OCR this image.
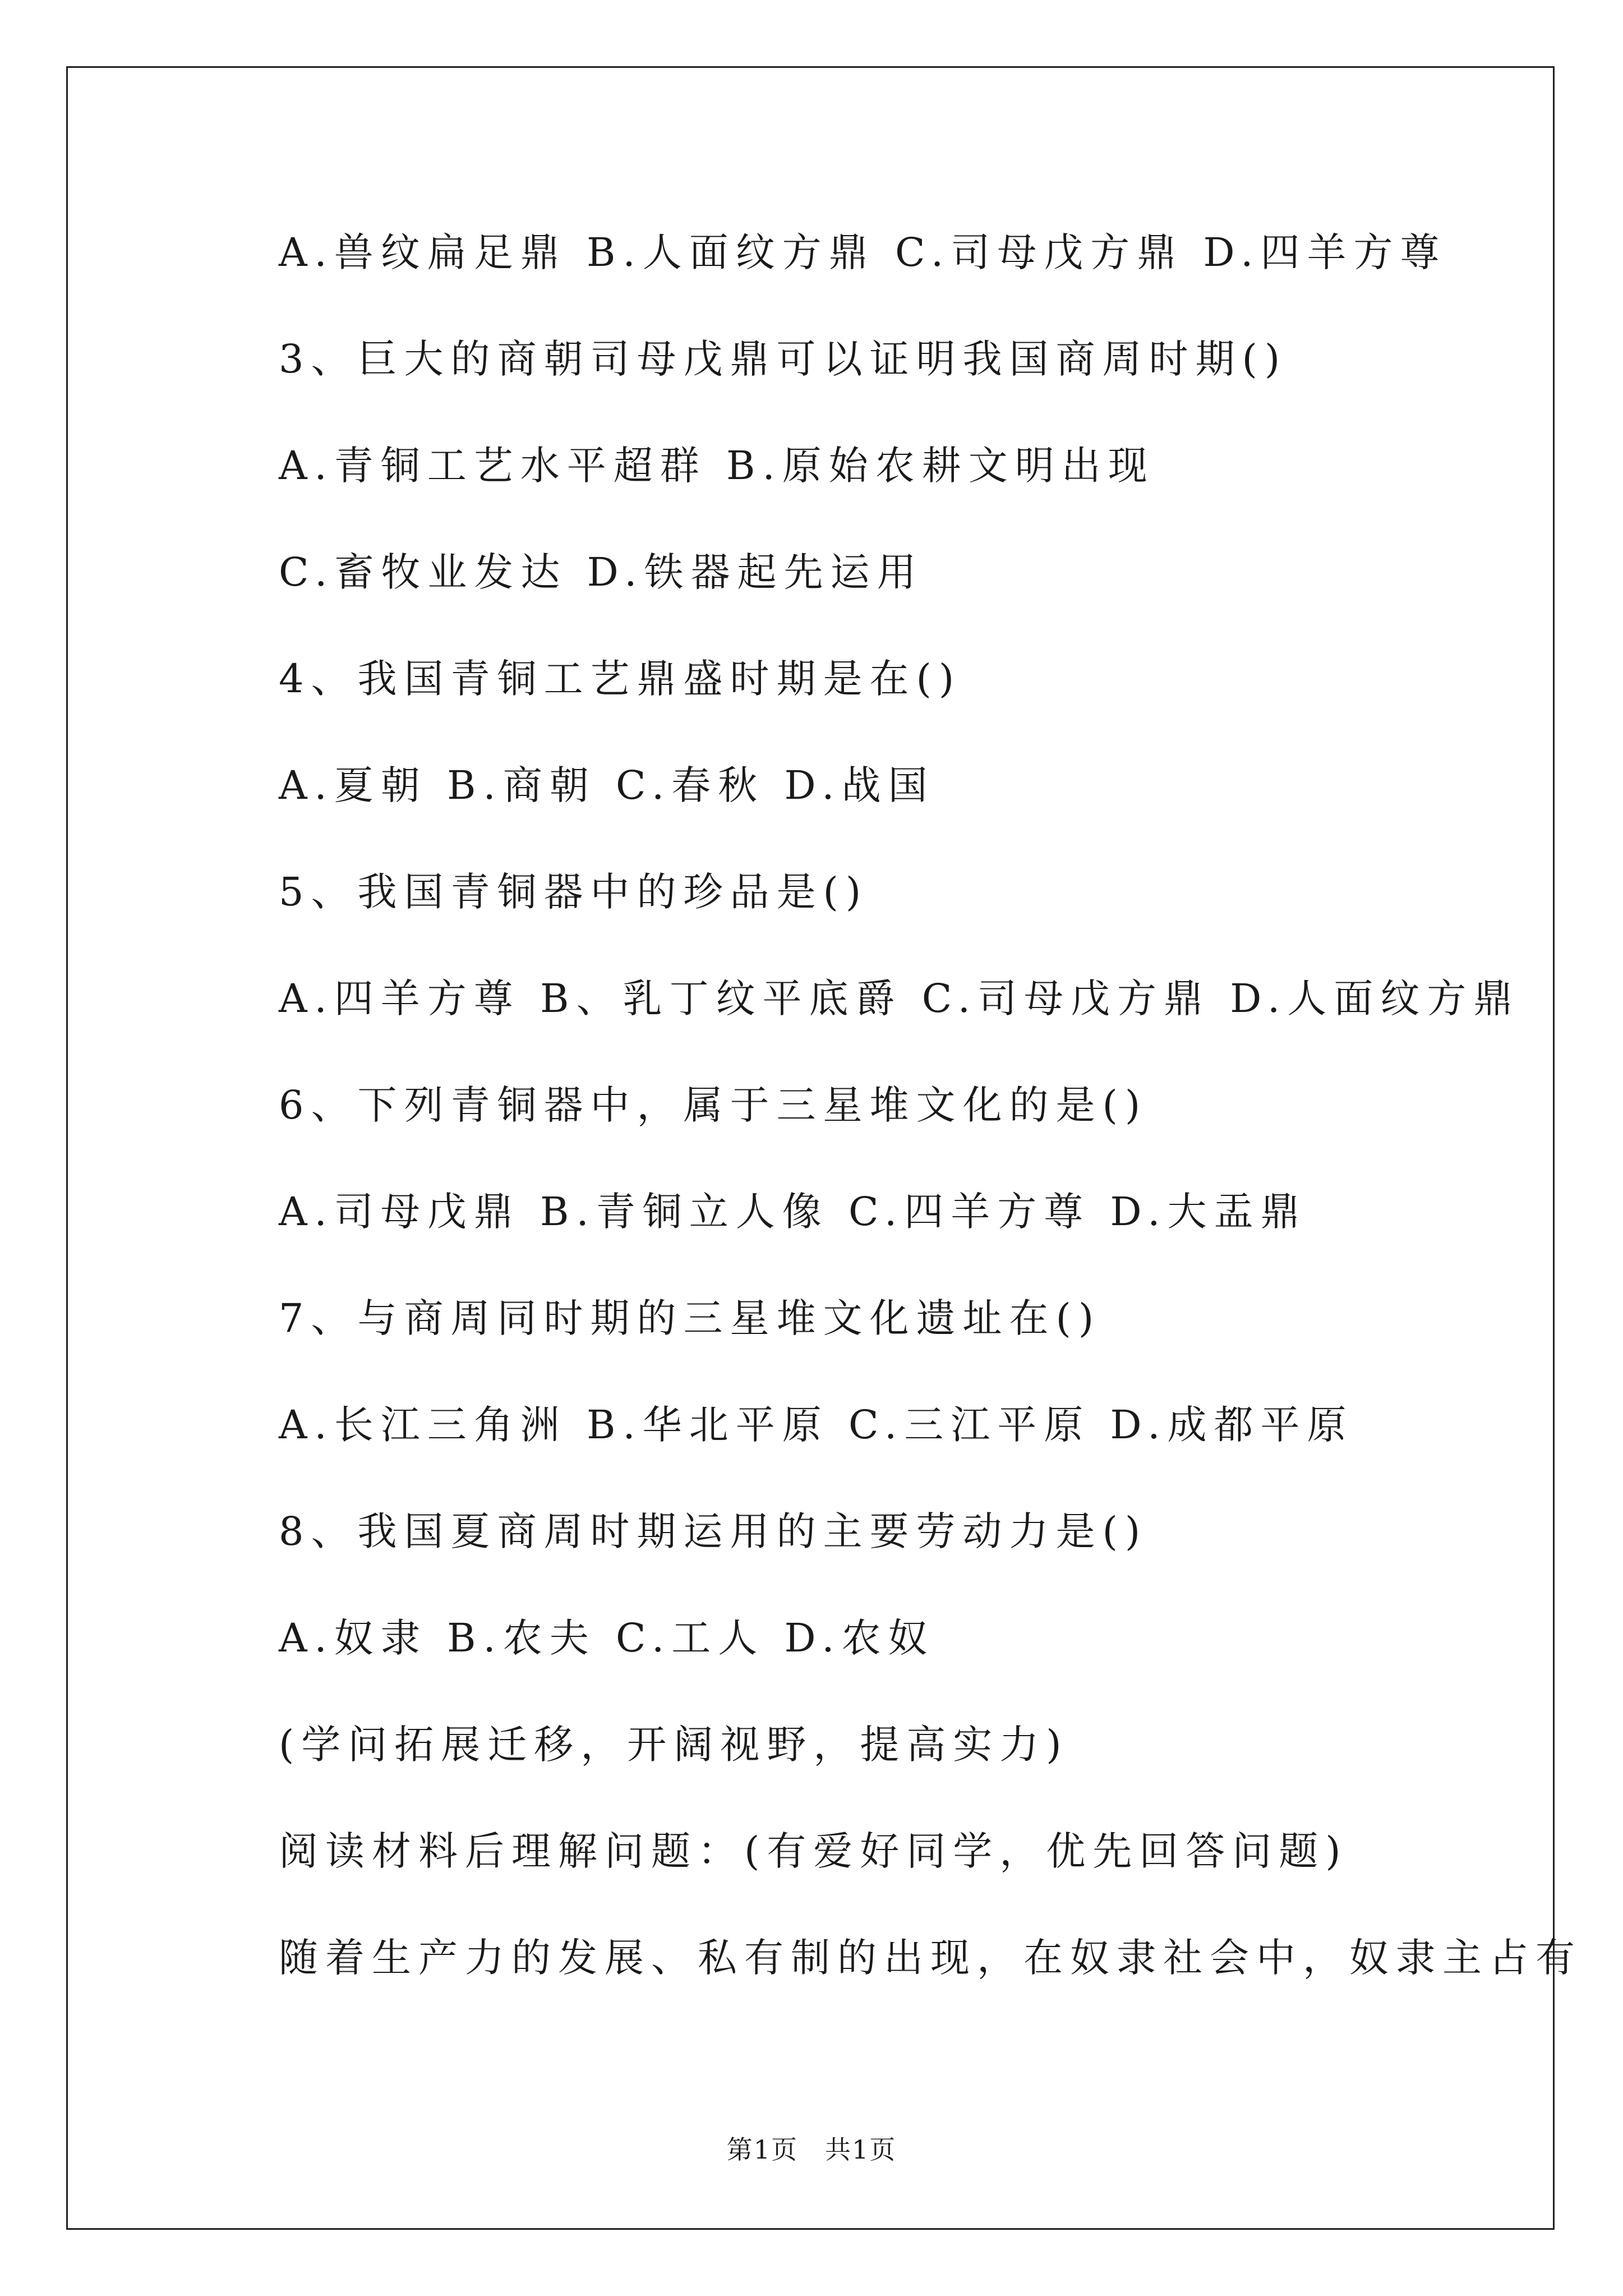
A.兽纹扁足鼎 B.人面纹方鼎 C.司母戊方鼎 D.四羊方尊
3、巨大的商朝司母戊鼎可以证明我国商周时期()
A.青铜工艺水平超群 B.原始农耕文明出现
C.畜牧业发达 D.铁器起先运用
4、我国青铜工艺鼎盛时期是在()
A.夏朝 B.商朝 C.春秋 D.战国
5、我国青铜器中的珍品是()
A.四羊方尊 B、乳丁纹平底爵 C.司母戊方鼎 D.人面纹方鼎
6、下列青铜器中，属于三星堆文化的是()
A.司母戊鼎 B.青铜立人像 C.四羊方尊 D.大盂鼎
7、与商周同时期的三星堆文化遗址在()
A.长江三角洲 B.华北平原 C.三江平原 D.成都平原
8、我国夏商周时期运用的主要劳动力是()
A.奴隶 B.农夫 C.工人 D.农奴
(学问拓展迁移，开阔视野，提高实力)
阅读材料后理解问题：(有爱好同学，优先回答问题)
随着生产力的发展、私有制的出现，在奴隶社会中，奴隶主占有
第1页　共1页
